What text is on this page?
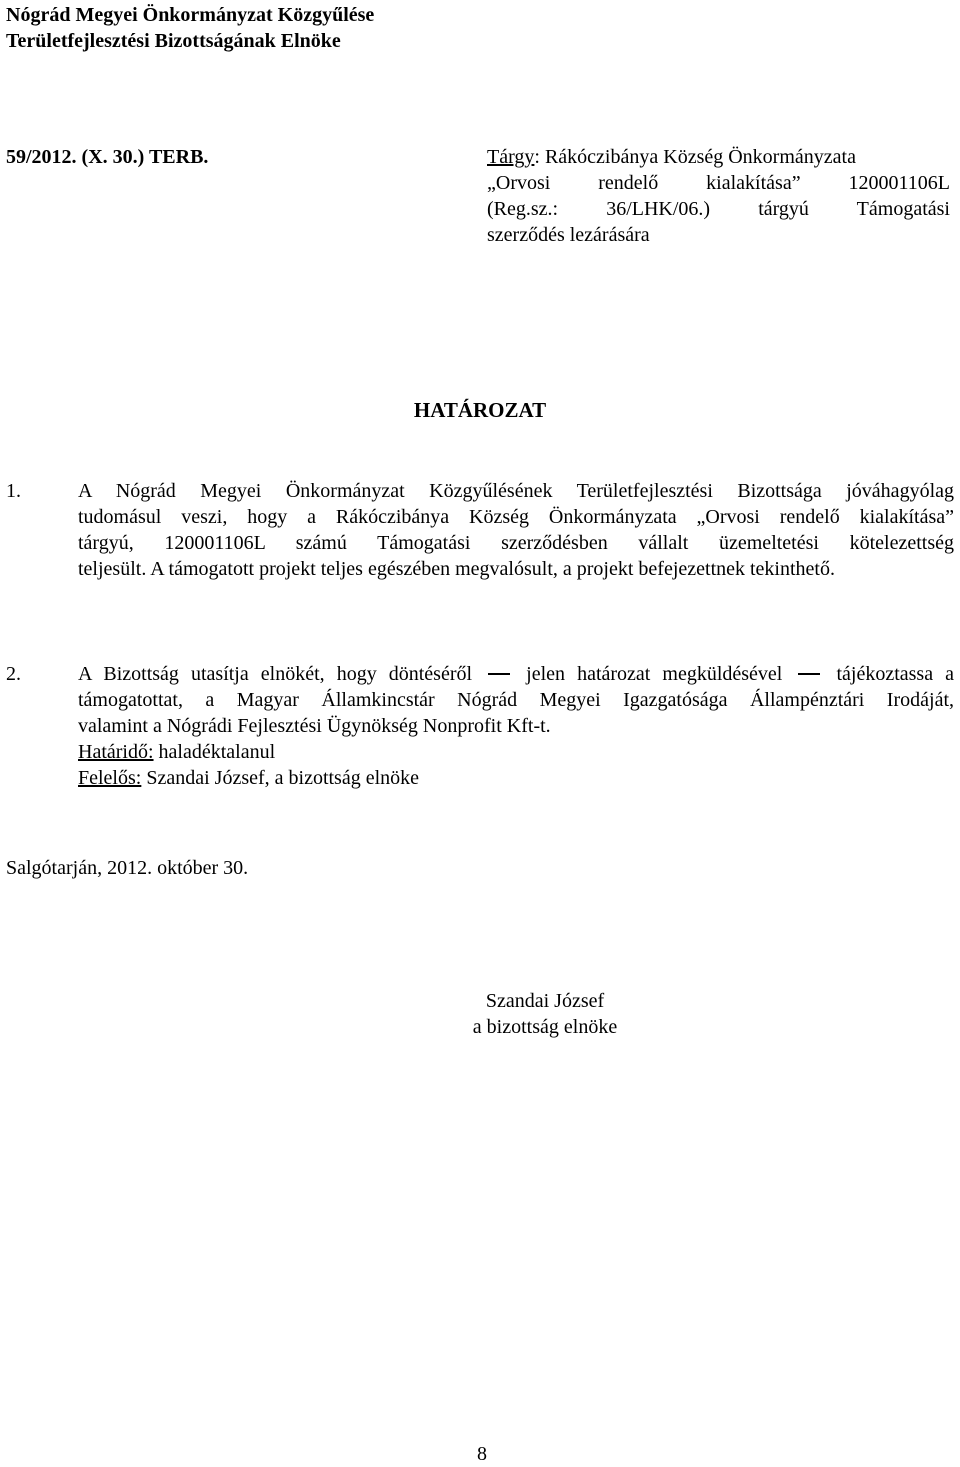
Nógrád Megyei Önkormányzat Közgyűlése
Területfejlesztési Bizottságának Elnöke
59/2012. (X. 30.) TERB.	Tárgy: Rákóczibánya Község Önkormányzata
„Orvosi rendelő kialakítása” 120001106L
(Reg.sz.: 36/LHK/06.) tárgyú Támogatási
szerződés lezárására
HATÁROZAT
1.	A Nógrád Megyei Önkormányzat Közgyűlésének Területfejlesztési Bizottsága jóváhagyólag
tudomásul veszi, hogy a Rákóczibánya Község Önkormányzata „Orvosi rendelő kialakítása”
tárgyú, 120001106L számú Támogatási szerződésben vállalt üzemeltetési kötelezettség
teljesült. A támogatott projekt teljes egészében megvalósult, a projekt befejezettnek tekinthető.
2.	A Bizottság utasítja elnökét, hogy döntéséről	jelen határozat megküldésével	tájékoztassa a
támogatottat, a Magyar Államkincstár Nógrád Megyei Igazgatósága Állampénztári Irodáját,
valamint a Nógrádi Fejlesztési Ügynökség Nonprofit Kft-t.
Határidő: haladéktalanul
Felelős: Szandai József, a bizottság elnöke
Salgótarján, 2012. október 30.
Szandai József
a bizottság elnöke
8
